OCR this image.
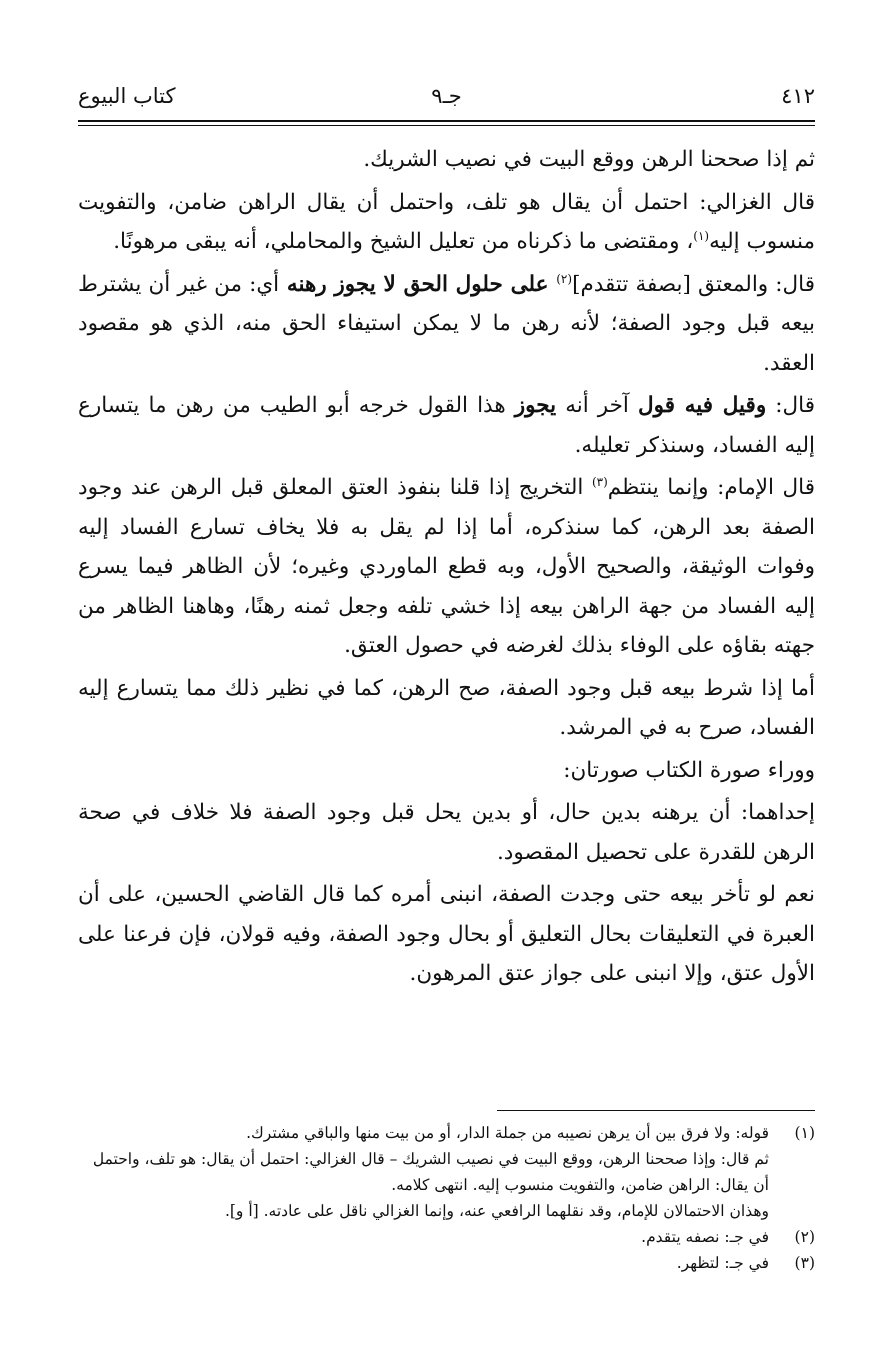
٤١٢
جـ٩
كتاب البيوع

ثم إذا صححنا الرهن ووقع البيت في نصيب الشريك.

قال الغزالي: احتمل أن يقال هو تلف، واحتمل أن يقال الراهن ضامن، والتفويت منسوب إليه$^{(١)}$، ومقتضى ما ذكرناه من تعليل الشيخ والمحاملي، أنه يبقى مرهونًا.

قال: والمعتق [بصفة تتقدم]$^{(٢)}$ على حلول الحق لا يجوز رهنه أي: من غير أن يشترط بيعه قبل وجود الصفة؛ لأنه رهن ما لا يمكن استيفاء الحق منه، الذي هو مقصود العقد.

قال: وقيل فيه قول آخر أنه يجوز هذا القول خرجه أبو الطيب من رهن ما يتسارع إليه الفساد، وسنذكر تعليله.

قال الإمام: وإنما ينتظم$^{(٣)}$ التخريج إذا قلنا بنفوذ العتق المعلق قبل الرهن عند وجود الصفة بعد الرهن، كما سنذكره، أما إذا لم يقل به فلا يخاف تسارع الفساد إليه وفوات الوثيقة، والصحيح الأول، وبه قطع الماوردي وغيره؛ لأن الظاهر فيما يسرع إليه الفساد من جهة الراهن بيعه إذا خشي تلفه وجعل ثمنه رهنًا، وهاهنا الظاهر من جهته بقاؤه على الوفاء بذلك لغرضه في حصول العتق.

أما إذا شرط بيعه قبل وجود الصفة، صح الرهن، كما في نظير ذلك مما يتسارع إليه الفساد، صرح به في المرشد.

ووراء صورة الكتاب صورتان:

إحداهما: أن يرهنه بدين حال، أو بدين يحل قبل وجود الصفة فلا خلاف في صحة الرهن للقدرة على تحصيل المقصود.

نعم لو تأخر بيعه حتى وجدت الصفة، انبنى أمره كما قال القاضي الحسين، على أن العبرة في التعليقات بحال التعليق أو بحال وجود الصفة، وفيه قولان، فإن فرعنا على الأول عتق، وإلا انبنى على جواز عتق المرهون.

(١)
قوله: ولا فرق بين أن يرهن نصيبه من جملة الدار، أو من بيت منها والباقي مشترك.
ثم قال: وإذا صححنا الرهن، ووقع البيت في نصيب الشريك – قال الغزالي: احتمل أن يقال: هو تلف، واحتمل أن يقال: الراهن ضامن، والتفويت منسوب إليه. انتهى كلامه.
وهذان الاحتمالان للإمام، وقد نقلهما الرافعي عنه، وإنما الغزالي ناقل على عادته. [أ و].
(٢)
في جـ: نصفه يتقدم.
(٣)
في جـ: لتظهر.
